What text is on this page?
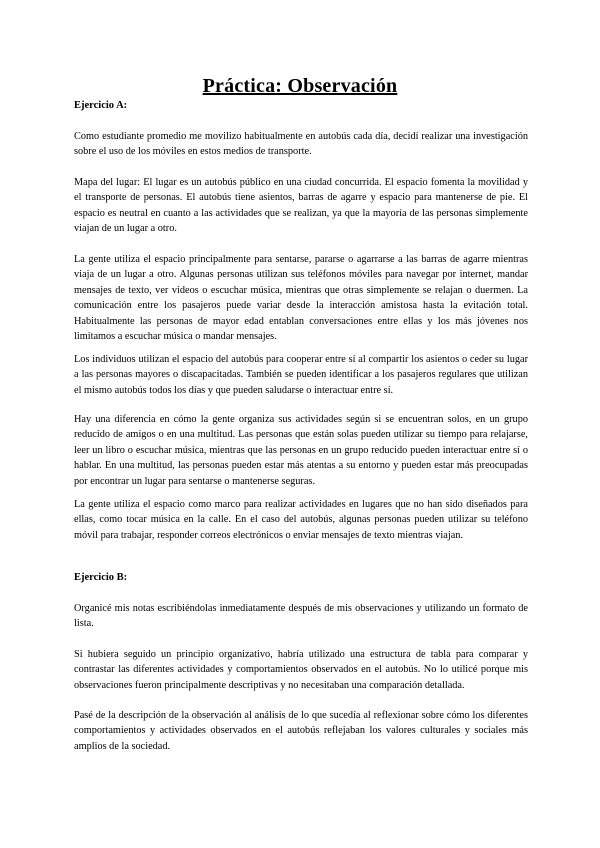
Práctica: Observación
Ejercicio A:
Como estudiante promedio me movilizo habitualmente en autobús cada día, decidí realizar una investigación sobre el uso de los móviles en estos medios de transporte.
Mapa del lugar: El lugar es un autobús público en una ciudad concurrida. El espacio fomenta la movilidad y el transporte de personas. El autobús tiene asientos, barras de agarre y espacio para mantenerse de pie. El espacio es neutral en cuanto a las actividades que se realizan, ya que la mayoría de las personas simplemente viajan de un lugar a otro.
La gente utiliza el espacio principalmente para sentarse, pararse o agarrarse a las barras de agarre mientras viaja de un lugar a otro. Algunas personas utilizan sus teléfonos móviles para navegar por internet, mandar mensajes de texto, ver videos o escuchar música, mientras que otras simplemente se relajan o duermen. La comunicación entre los pasajeros puede variar desde la interacción amistosa hasta la evitación total. Habitualmente las personas de mayor edad entablan conversaciones entre ellas y los más jóvenes nos limitamos a escuchar música o mandar mensajes.
Los individuos utilizan el espacio del autobús para cooperar entre sí al compartir los asientos o ceder su lugar a las personas mayores o discapacitadas. También se pueden identificar a los pasajeros regulares que utilizan el mismo autobús todos los días y que pueden saludarse o interactuar entre sí.
Hay una diferencia en cómo la gente organiza sus actividades según si se encuentran solos, en un grupo reducido de amigos o en una multitud. Las personas que están solas pueden utilizar su tiempo para relajarse, leer un libro o escuchar música, mientras que las personas en un grupo reducido pueden interactuar entre sí o hablar. En una multitud, las personas pueden estar más atentas a su entorno y pueden estar más preocupadas por encontrar un lugar para sentarse o mantenerse seguras.
La gente utiliza el espacio como marco para realizar actividades en lugares que no han sido diseñados para ellas, como tocar música en la calle. En el caso del autobús, algunas personas pueden utilizar su teléfono móvil para trabajar, responder correos electrónicos o enviar mensajes de texto mientras viajan.
Ejercicio B:
Organicé mis notas escribiéndolas inmediatamente después de mis observaciones y utilizando un formato de lista.
Si hubiera seguido un principio organizativo, habría utilizado una estructura de tabla para comparar y contrastar las diferentes actividades y comportamientos observados en el autobús. No lo utilicé porque mis observaciones fueron principalmente descriptivas y no necesitaban una comparación detallada.
Pasé de la descripción de la observación al análisis de lo que sucedía al reflexionar sobre cómo los diferentes comportamientos y actividades observados en el autobús reflejaban los valores culturales y sociales más amplios de la sociedad.
